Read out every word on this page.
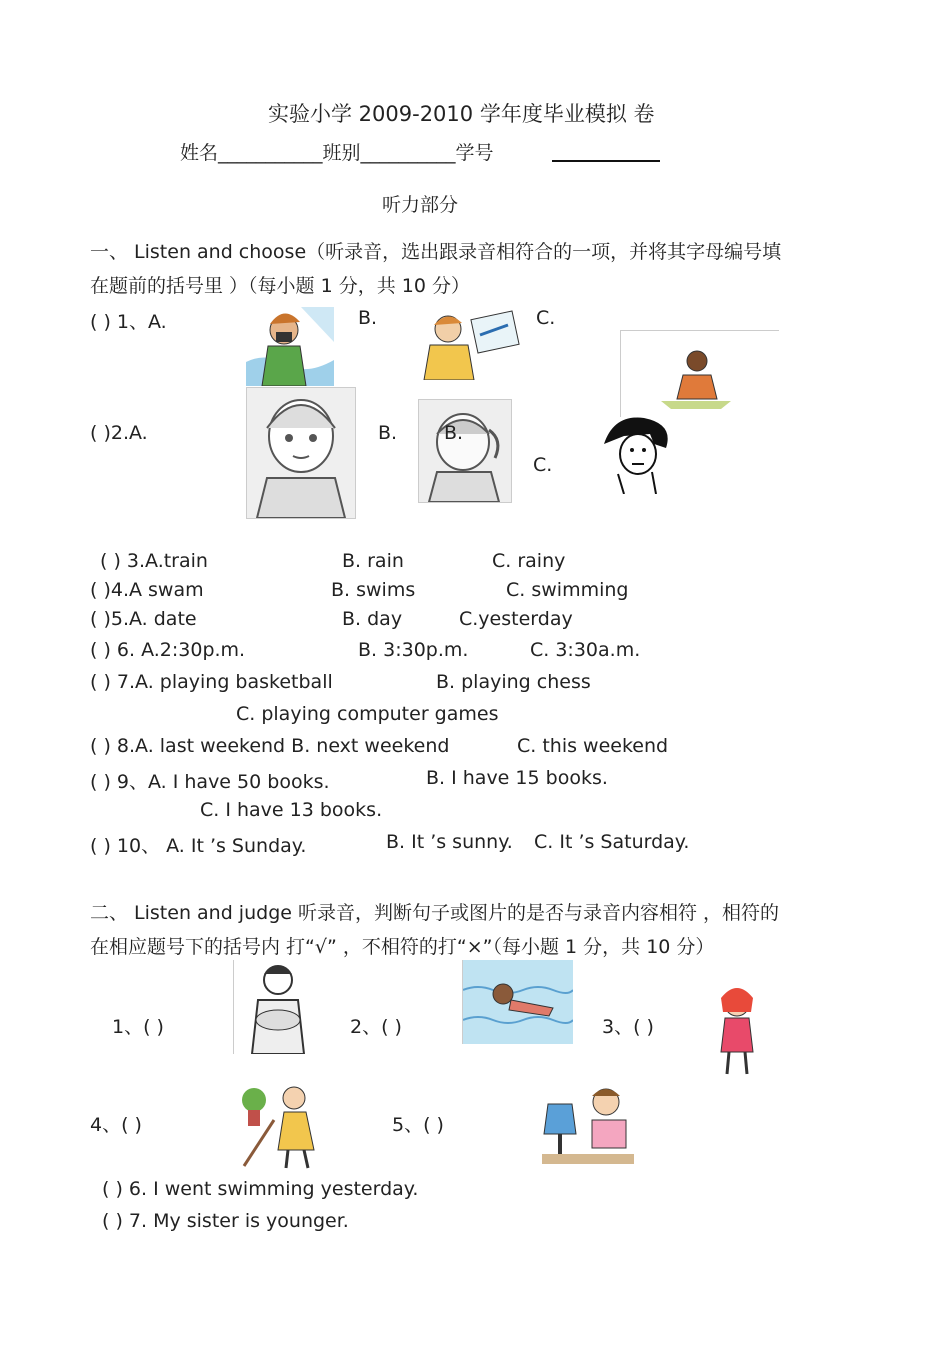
实验小学 2009-2010 学年度毕业模拟 卷
姓名___________班别__________学号
听力部分
一、 Listen and choose（听录音，选出跟录音相符合的一项，并将其字母编号填
在题前的括号里 ）（每小题 1 分，共 10 分）
( ) 1、A.	B.	C.
( )2.A.	B. B.
C.
( ) 3.A.train	B. rain	C. rainy
( )4.A swam	B. swims	C. swimming
( )5.A. date	B. day	C.yesterday
( ) 6. A.2:30p.m.	B. 3:30p.m.	C. 3:30a.m.
( ) 7.A. playing basketball	B. playing chess
C. playing computer games
( ) 8.A. last weekend B. next weekend	C. this weekend
( ) 9、A. I have 50 books.	B. I have 15 books.
C. I have 13 books.
( ) 10、 A. It ’s Sunday.	B. It ’s sunny. C. It ’s Saturday.
二、 Listen and judge 听录音，判断句子或图片的是否与录音内容相符 ，相符的
在相应题号下的括号内 打“√” ，不相符的打“×”（每小题 1 分，共 10 分）
1、( )	2、( )	3、( )
4、( )	5、( )
( ) 6. I went swimming yesterday.
( ) 7. My sister is younger.
